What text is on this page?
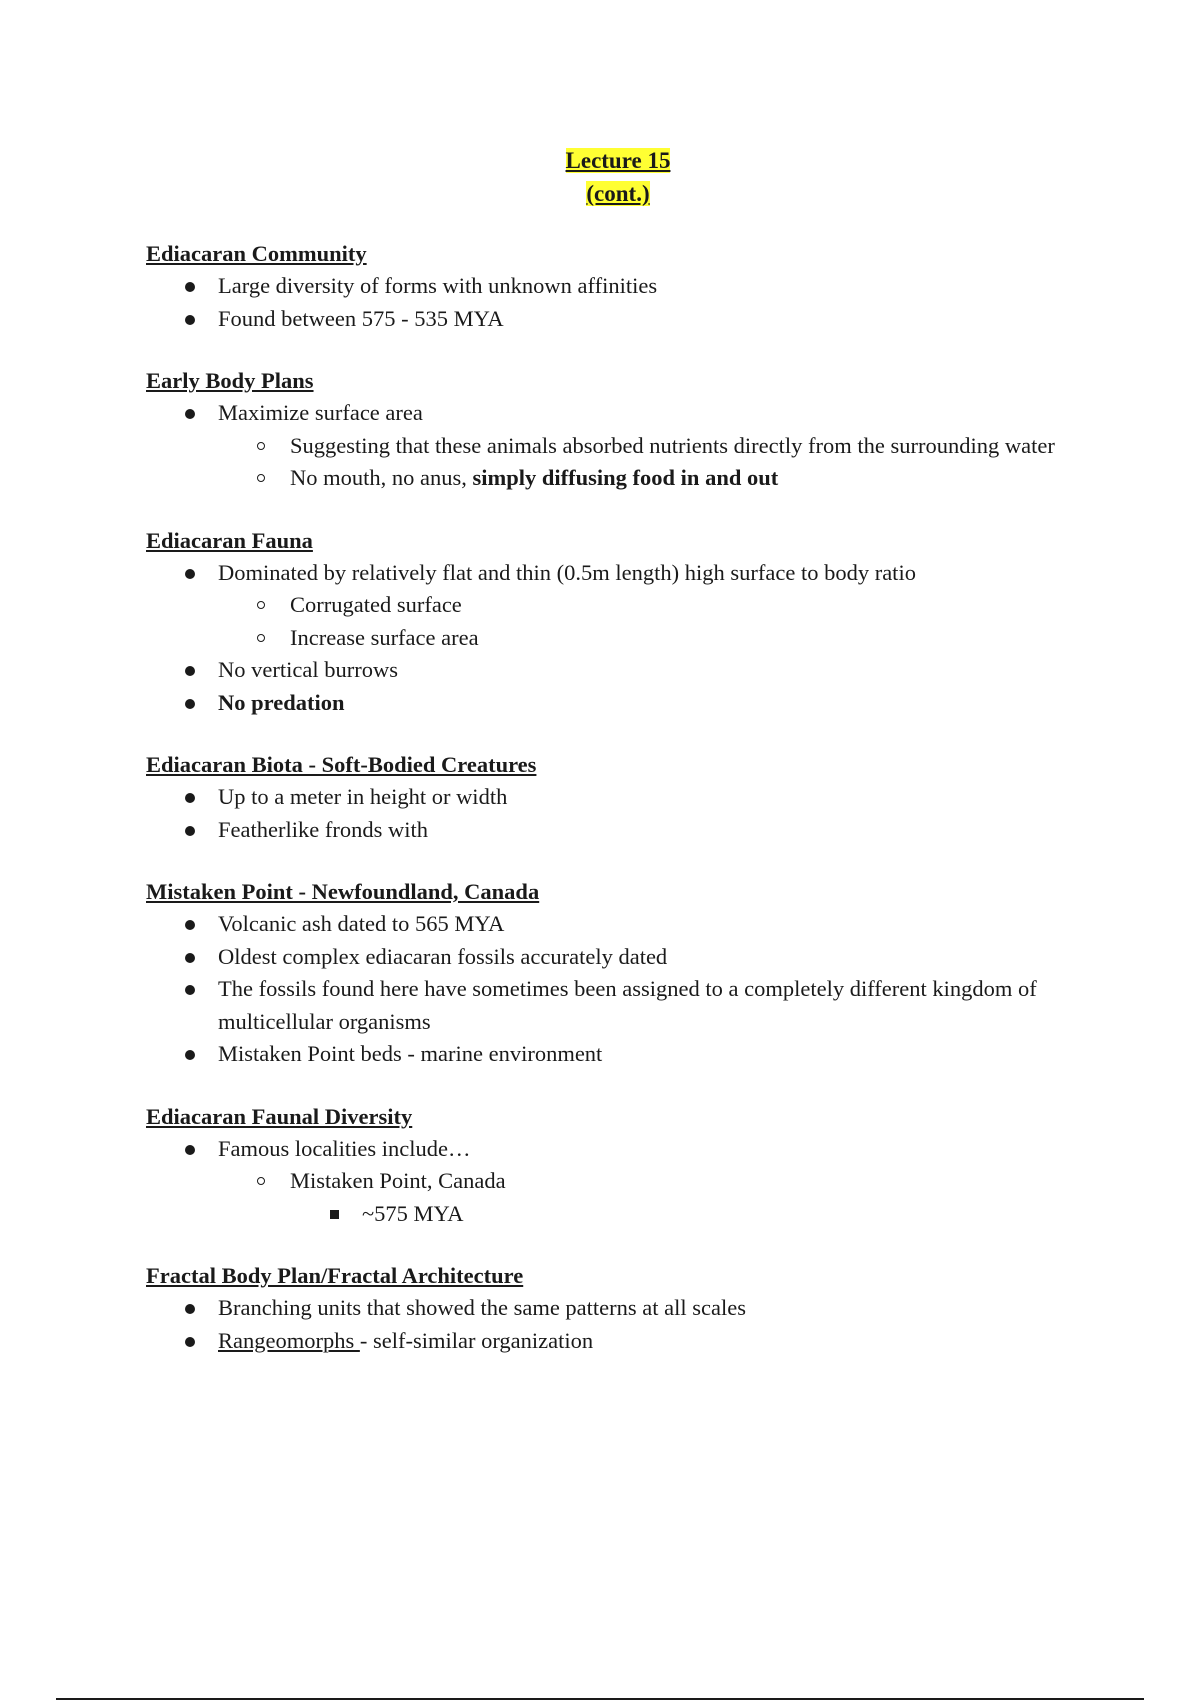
Lecture 15
(cont.)

Ediacaran Community

Large diversity of forms with unknown affinities
Found between 575 - 535 MYA

Early Body Plans

Maximize surface area
Suggesting that these animals absorbed nutrients directly from the surrounding water
No mouth, no anus, simply diffusing food in and out

Ediacaran Fauna

Dominated by relatively flat and thin (0.5m length) high surface to body ratio
Corrugated surface
Increase surface area
No vertical burrows
No predation

Ediacaran Biota - Soft-Bodied Creatures

Up to a meter in height or width
Featherlike fronds with

Mistaken Point - Newfoundland, Canada

Volcanic ash dated to 565 MYA
Oldest complex ediacaran fossils accurately dated
The fossils found here have sometimes been assigned to a completely different kingdom of multicellular organisms
Mistaken Point beds - marine environment

Ediacaran Faunal Diversity

Famous localities include…
Mistaken Point, Canada
~575 MYA

Fractal Body Plan/Fractal Architecture

Branching units that showed the same patterns at all scales
Rangeomorphs - self-similar organization
